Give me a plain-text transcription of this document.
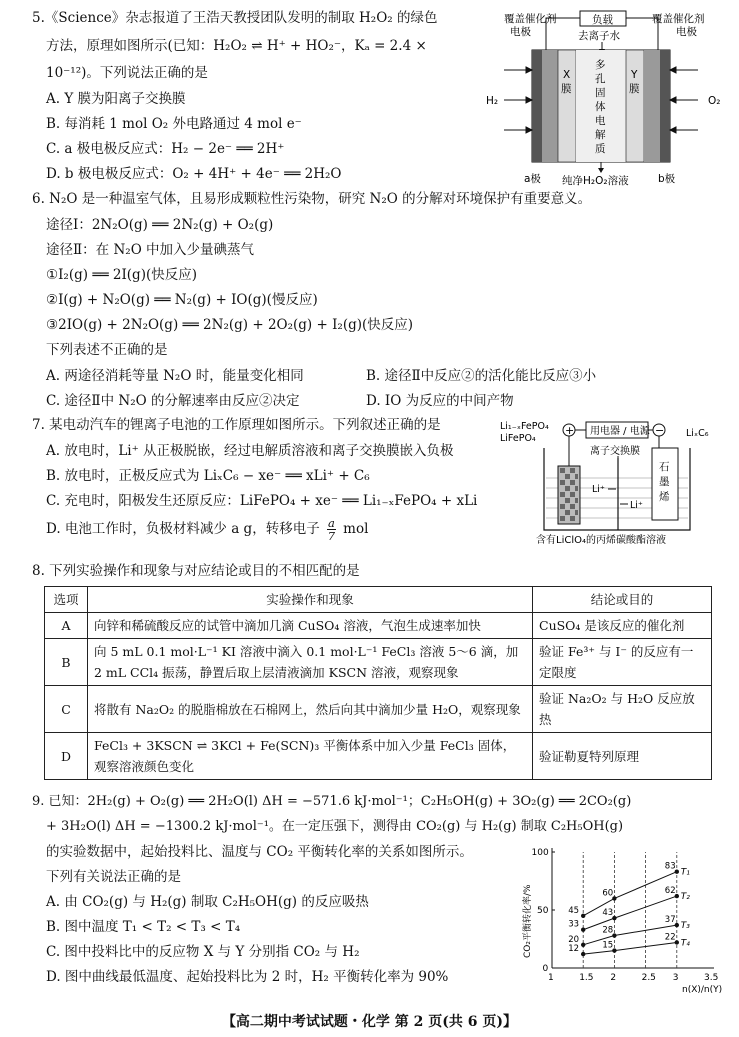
5.《Science》杂志报道了王浩天教授团队发明的制取 H₂O₂ 的绿色
方法，原理如图所示(已知：H₂O₂ ⇌ H⁺ + HO₂⁻，Kₐ = 2.4 ×
10⁻¹²)。下列说法正确的是
A. Y 膜为阳离子交换膜
B. 每消耗 1 mol O₂ 外电路通过 4 mol e⁻
C. a 极电极反应式：H₂ − 2e⁻ ══ 2H⁺
D. b 极电极反应式：O₂ + 4H⁺ + 4e⁻ ══ 2H₂O
覆盖催化剂
电极
覆盖催化剂
电极
负载
去离子水
X
膜
Y
膜
多
孔
固
体
电
解
质
H₂	O₂
a极 纯净H₂O₂溶液	b极
6. N₂O 是一种温室气体，且易形成颗粒性污染物，研究 N₂O 的分解对环境保护有重要意义。
途径Ⅰ：2N₂O(g) ══ 2N₂(g) + O₂(g)
途径Ⅱ：在 N₂O 中加入少量碘蒸气
①I₂(g) ══ 2I(g)(快反应)
②I(g) + N₂O(g) ══ N₂(g) + IO(g)(慢反应)
③2IO(g) + 2N₂O(g) ══ 2N₂(g) + 2O₂(g) + I₂(g)(快反应)
下列表述不正确的是
A. 两途径消耗等量 N₂O 时，能量变化相同	B. 途径Ⅱ中反应②的活化能比反应③小
C. 途径Ⅱ中 N₂O 的分解速率由反应②决定	D. IO 为反应的中间产物
7. 某电动汽车的锂离子电池的工作原理如图所示。下列叙述正确的是
A. 放电时，Li⁺ 从正极脱嵌，经过电解质溶液和离子交换膜嵌入负极
B. 放电时，正极反应式为 LiₓC₆ − xe⁻ ══ xLi⁺ + C₆
C. 充电时，阳极发生还原反应：LiFePO₄ + xe⁻ ══ Li₁₋ₓFePO₄ + xLi
D. 电池工作时，负极材料减少 a g，转移电子 $\frac{a}{7}$ mol
Li₁₋ₓFePO₄
LiFePO₄	LiₓC₆
+	−
用电器 / 电源
离子交换膜
Li⁺
Li⁺
石
墨
烯
含有LiClO₄的丙烯碳酸酯溶液
8. 下列实验操作和现象与对应结论或目的不相匹配的是
选项	实验操作和现象	结论或目的
A	向锌和稀硫酸反应的试管中滴加几滴 CuSO₄ 溶液，气泡生成速率加快	CuSO₄ 是该反应的催化剂
B	向 5 mL 0.1 mol·L⁻¹ KI 溶液中滴入 0.1 mol·L⁻¹ FeCl₃ 溶液 5～6 滴，加 2 mL CCl₄ 振荡，静置后取上层清液滴加 KSCN 溶液，观察现象	验证 Fe³⁺ 与 I⁻ 的反应有一定限度
C	将散有 Na₂O₂ 的脱脂棉放在石棉网上，然后向其中滴加少量 H₂O，观察现象	验证 Na₂O₂ 与 H₂O 反应放热
D	FeCl₃ + 3KSCN ⇌ 3KCl + Fe(SCN)₃ 平衡体系中加入少量 FeCl₃ 固体，观察溶液颜色变化	验证勒夏特列原理
9. 已知：2H₂(g) + O₂(g) ══ 2H₂O(l) ΔH = −571.6 kJ·mol⁻¹；C₂H₅OH(g) + 3O₂(g) ══ 2CO₂(g)
+ 3H₂O(l) ΔH = −1300.2 kJ·mol⁻¹。在一定压强下，测得由 CO₂(g) 与 H₂(g) 制取 C₂H₅OH(g)
的实验数据中，起始投料比、温度与 CO₂ 平衡转化率的关系如图所示。
下列有关说法正确的是
A. 由 CO₂(g) 与 H₂(g) 制取 C₂H₅OH(g) 的反应吸热
B. 图中温度 T₁ < T₂ < T₃ < T₄
C. 图中投料比中的反应物 X 与 Y 分别指 CO₂ 与 H₂
D. 图中曲线最低温度、起始投料比为 2 时，H₂ 平衡转化率为 90%	1	1.5 2	2.5 3	3.5
0
50
100
CO₂平衡转化率/%
n(X)/n(Y)
45
60
83
T₁
33
43
62
T₂
20
28
37
T₃
12	15
22
T₄
【高二期中考试试题・化学 第 2 页(共 6 页)】
